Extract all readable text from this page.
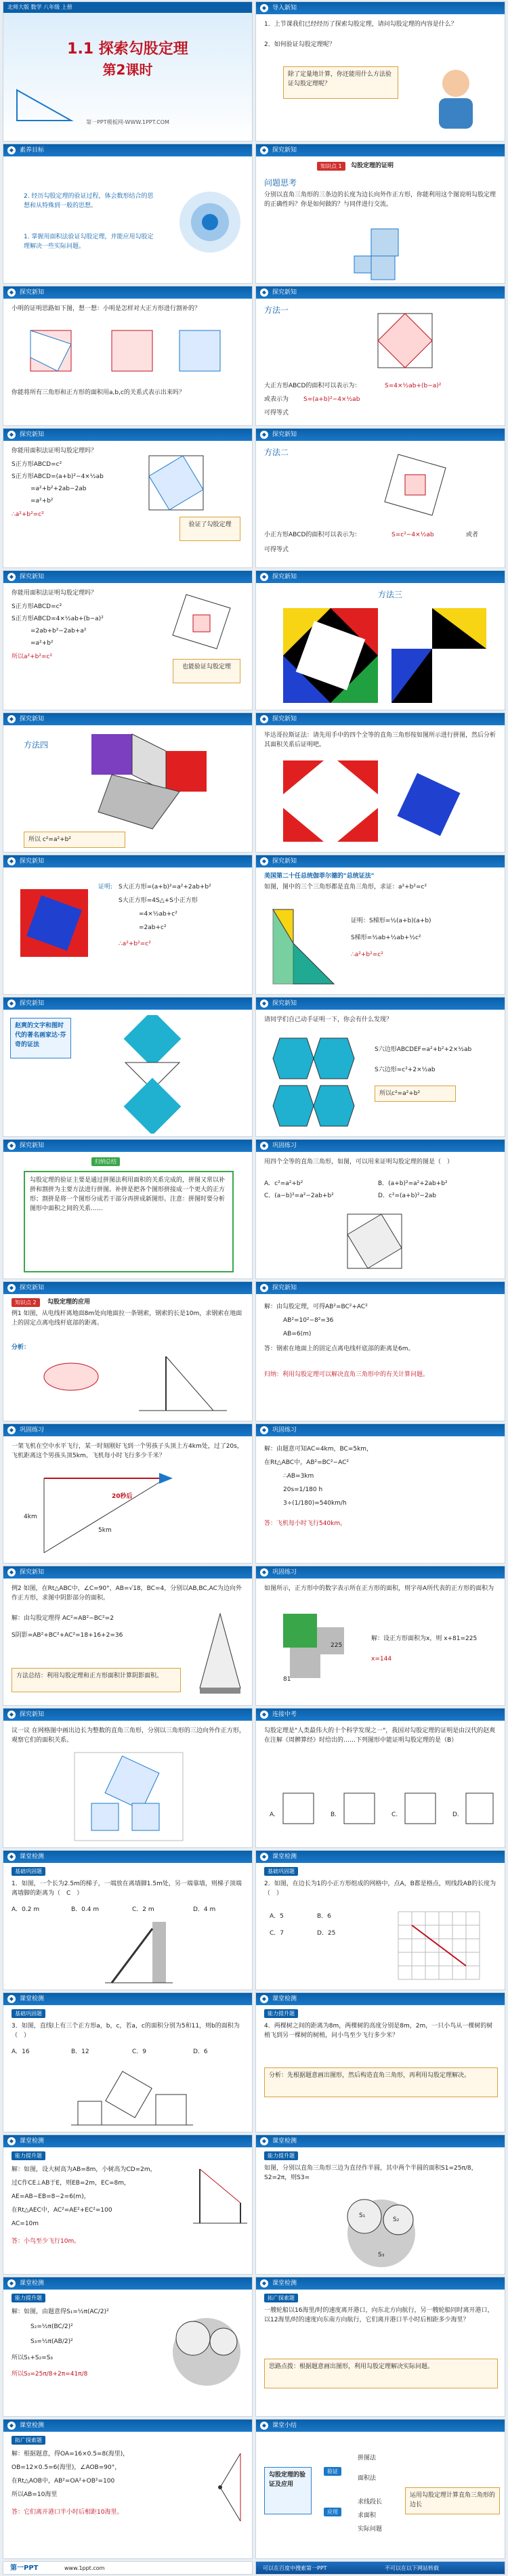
北师大版 数学 八年级 上册
1.1 探索勾股定理
第2课时
第一PPT模板网-WWW.1PPT.COM
◆ 导入新知
1．上节课我们已经经历了探索勾股定理，请问勾股定理的内容是什么？
2．如何验证勾股定理呢？
除了定量地计算，你还能用什么方法验证勾股定理呢？
◆ 素养目标
2. 经历勾股定理的验证过程，体会数形结合的思想和从特殊到一般的思想。
1. 掌握用面积法验证勾股定理，并能应用勾股定理解决一些实际问题。
◆ 探究新知
知识点 1	勾股定理的证明
问题思考
分别以直角三角形的三条边的长度为边长向外作正方形，你能利用这个图说明勾股定理的正确性吗？你是如何做的？与同伴进行交流。
◆ 探究新知
小明的证明思路如下图，想一想：小明是怎样对大正方形进行割补的？
你能将所有三角形和正方形的面积用a,b,c的关系式表示出来吗？
◆ 探究新知
方法一
大正方形ABCD的面积可以表示为：	S=4×½ab+(b−a)²
或表示为 S=(a+b)²−4×½ab
可得等式
◆ 探究新知
你能用面积法证明勾股定理吗？
S正方形ABCD=c²
S正方形ABCD=(a+b)²−4×½ab
=a²+b²+2ab−2ab
=a²+b²
∴a²+b²=c²
验证了勾股定理
◆ 探究新知
方法二
小正方形ABCD的面积可以表示为：	S=c²−4×½ab	或者
可得等式
◆ 探究新知
你能用面积法证明勾股定理吗？
S正方形ABCD=c²
S正方形ABCD=4×½ab+(b−a)²
=2ab+b²−2ab+a²
=a²+b²
所以a²+b²=c²
也能验证勾股定理
◆ 探究新知
方法三
◆ 探究新知
方法四
所以 c²=a²+b²
◆ 探究新知
毕达哥拉斯证法：请先用手中的四个全等的直角三角形按如图所示进行拼图，然后分析其面积关系后证明吧。
◆ 探究新知
证明: S大正方形=(a+b)²=a²+2ab+b²
S大正方形=4S△+S小正方形
=4×½ab+c²
=2ab+c²
∴a²+b²=c²
◆ 探究新知
美国第二十任总统伽菲尔德的"总统证法"
如图，图中的三个三角形都是直角三角形，求证：a²+b²=c²
证明：S梯形=½(a+b)(a+b)
S梯形=½ab+½ab+½c²
∴a²+b²=c²
◆ 探究新知
赵爽的文字和图时代的著名画家达·芬奇的证法
◆ 探究新知
请同学们自己动手证明一下，你会有什么发现？
S六边形ABCDEF=a²+b²+2×½ab
S六边形=c²+2×½ab
所以c²=a²+b²
◆ 探究新知
归纳总结
勾股定理的验证主要是通过拼图法利用面积的关系完成的，拼图又常以补拼和割拼为主要方法进行拼图。补拼是把各个图形拼接成一个更大的正方形；割拼是将一个图形分成若干部分再拼成新图形。注意：拼图时要分析图形中面积之间的关系……
◆ 巩固练习
用四个全等的直角三角形，如图，可以用来证明勾股定理的图是（　）
A．c²=a²+b²	B．(a+b)²=a²+2ab+b²
C．(a−b)²=a²−2ab+b²	D．c²=(a+b)²−2ab
◆ 探究新知
知识点 2	勾股定理的应用
例1 如图，从电线杆离地面8m处向地面拉一条钢索，钢索的长是10m，求钢索在地面上的固定点离电线杆底部的距离。
分析：
◆ 探究新知
解：由勾股定理，可得AB²=BC²+AC²
AB²=10²−8²=36
AB=6(m)
答：钢索在地面上的固定点离电线杆底部的距离是6m。
归纳：利用勾股定理可以解决直角三角形中的有关计算问题。
◆ 巩固练习
一架飞机在空中水平飞行，某一时刻刚好飞到一个男孩子头顶上方4km处，过了20s，飞机距离这个男孩头顶5km。飞机每小时飞行多少千米？
20秒后
4km
5km
◆ 巩固练习
解：由题意可知AC=4km，BC=5km，
在Rt△ABC中，AB²=BC²−AC²
∴AB=3km
20s=1/180 h
3÷(1/180)=540km/h
答：飞机每小时飞行540km。
◆ 探究新知
例2 如图，在Rt△ABC中，∠C=90°，AB=√18，BC=4，分别以AB,BC,AC为边向外作正方形，求图中阴影部分的面积。
解：由勾股定理得 AC²=AB²−BC²=2
S阴影=AB²+BC²+AC²=18+16+2=36
方法总结：利用勾股定理和正方形面积计算阴影面积。
◆ 巩固练习
如图所示，正方形中的数字表示所在正方形的面积，则字母A所代表的正方形的面积为
225
81
解：设正方形面积为x，则 x+81=225
x=144
◆ 探究新知
议一议 在网格图中画出边长为整数的直角三角形，分别以三角形的三边向外作正方形，观察它们的面积关系。
◆ 连接中考
勾股定理是"人类最伟大的十个科学发现之一"，我国对勾股定理的证明是由汉代的赵爽在注解《周髀算经》时给出的……下列图形中能证明勾股定理的是（B）
A.	B.	C.	D.
◆ 课堂检测
基础巩固题
1．如图，一个长为2.5m的梯子，一端放在离墙脚1.5m处，另一端靠墙，则梯子顶端离墙脚的距离为（　C　）
A．0.2 m	B．0.4 m	C．2 m	D．4 m
◆ 课堂检测
基础巩固题
2．如图，在边长为1的小正方形组成的网格中，点A，B都是格点，则线段AB的长度为（　）
A．5	B．6
C．7	D．25
◆ 课堂检测
基础巩固题
3．如图，直线l上有三个正方形a，b，c，若a，c的面积分别为5和11，则b的面积为（　）
A．16	B．12	C．9	D．6
◆ 课堂检测
能力提升题
4．两棵树之间的距离为8m，两棵树的高度分别是8m，2m，一只小鸟从一棵树的树梢飞到另一棵树的树梢，问小鸟至少飞行多少米？
分析：先根据题意画出图形，然后构造直角三角形，再利用勾股定理解决。
◆ 课堂检测
能力提升题
解：如图，设大树高为AB=8m，小树高为CD=2m，
过C作CE⊥AB于E，则EB=2m，EC=8m，
AE=AB−EB=8−2=6(m)，
在Rt△AEC中，AC²=AE²+EC²=100
AC=10m
答：小鸟至少飞行10m。
◆ 课堂检测
能力提升题
如图，分别以直角三角形三边为直径作半圆，其中两个半圆的面积S1=25π/8，S2=2π，则S3=
S₁
S₂
S₃
◆ 课堂检测
能力提升题
解：如图，由题意得S₁=½π(AC/2)²
S₂=½π(BC/2)²
S₃=½π(AB/2)²
所以S₁+S₂=S₃
所以S₃=25π/8+2π=41π/8
◆ 课堂检测
拓广探索题
一艘轮船以16海里/时的速度离开港口，向东北方向航行，另一艘轮船同时离开港口，以12海里/时的速度向东南方向航行，它们离开港口半小时后相距多少海里？
思路点拨：根据题意画出图形，利用勾股定理解决实际问题。
◆ 课堂检测
拓广探索题
解：根据题意，得OA=16×0.5=8(海里)，
OB=12×0.5=6(海里)，∠AOB=90°，
在Rt△AOB中，AB²=OA²+OB²=100
所以AB=10海里
答：它们离开港口半小时后相距10海里。
◆ 课堂小结
勾股定理的验证及应用
验证
应用
拼图法
面积法
求线段长
求面积
实际问题
运用勾股定理计算直角三角形的边长
可以在百度中搜索第一PPT	不可以在以下网站转载
第一PPT	www.1ppt.com
